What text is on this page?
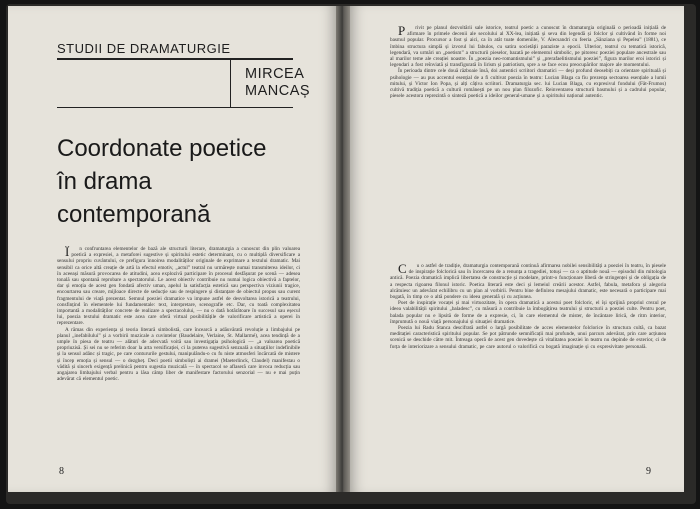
STUDII DE DRAMATURGIE
MIRCEA
MANCAȘ
Coordonate poetice
în drama
contemporană

Î n confruntarea elementelor de bază ale structurii literare, dramaturgia a cunoscut din plin valoarea poetică a expresiei, a metaforei sugestive și spiritului estetic determinant, cu o multiplă diversificare a sensului propriu cuvântului, ce prefigura înnoirea modalităților originale de exprimare a textului dramatic. Mai sensibil ca orice altă creație de artă la efectul emotiv, „actul” teatral nu urmărește numai transmiterea ideilor, ci în aceeași măsură provocarea de atitudini, acea explozivă participare în procesul desfășurat pe scenă — adesea tonală sau spontană reprobare a spectatorului. Le acest obiectiv contribuie nu numai logica obiectivă a faptelor, dar și emoția de acest gen fondată afectiv uman, apelul la satisfacția estetică sau perspectiva viziunii tragice, encourtarea sau creare, mijloace directe de seducție sau de respingere și distanțare de obiectul propus sau curent fragmentului de viață prezentat. Semnul poeziei dramatice va impune astfel de desvoltarea istorică a teatrului, consfințind în elementele lui fundamentale: text, interpretare, scenografie etc. Dar, cu toată complexitatea importantă a modalităților concrete de realizare a spectacolului, — nu o dată hotărâtoare în succesul sau eșecul lui, poezia textului dramatic este acea care oferă virtual posibilitățile de valorificare artistică a operei în reprezentare.

A rămas din experiența și teoria literară simbolistă, care încearcă a adăuvărată revoluție a limbajului pe planul „inefabilului” și a vorbirii muzicale a cuvintelor (Baudelaire, Verlaine, St. Mallarmé), acea tendință de a umple în piesa de teatru — alături de adecvată voită sau investigația psihologică — „a valoarea poetică propriuzisă. Și sei nu se referim doar la arta versificației, ci la puterea sugestivă senzuală a situațiilor indefinibile și la sensul adânc și tragic, pe care contururile gestului, manipulându-o cu fu niste atmosferi încărcată de mistere și încep emoția și sensul — o dezgheț. Deci poetii simboliști ai dramei (Maeterlinck, Claudel) manifestau o vădită și sincerh exigență prelinică pentru sugestia muzicală — în spectacol se aflaseră care invoca reducția sau angajarea limbajului verbal pentru a lăsa câmp liber de manifestare factorului senzorial — nu e mai puțin adevărat că elementul poetic.

P rivit pe planul dezvoltării sale istorice, teatrul poetic a cunoscut în dramaturgia originală o perioadă inițială de afirmare în primele decenii ale secolului al XX-lea, inițiată și seva din legendă și folclor și cultivând în forme noi basmul popular. Procursor a fost și aici, ca în atât toate domeniile, V. Alecsandri cu feeria „Sânziana și Pepelea” (1881), ce îmbina structura simplă și izvorul lui fabulos, cu satira societății paraziste a epocii. Ulterior, teatrul cu tematică istorică, legendară, va urmări un „poetism” a structurii pieselor, bazată pe elementul simbolic, pe pitoresc poeziei populare ancestrale sau al marilor teme ale creației noastre. În „poezia neo-romantismului” și „prerafaelitismului poeziei”, figura marilor eroi istorici și legendari a fost reînviată și transfigurată în lirism și patriotism, spre a se face ecou preocupărilor majore ale momentului.

În perioada dintre cele două războaie însă, doi autentici scriitori dramatici — deși profund deosebiți ca orientare spirituală și psihologie — au pus accentul esențial de a fi cultivat poezia în teatru: Lucian Blaga ca fiu prezența sectoarea esențiale a lumii mitului, și Victor Ion Popa, și alți câțiva scriitori. Dramaturgia sec. lui Lucian Blaga, cu expresivul fondului (Fât-Frumos) cultivă tradiția poetică a culturii românești pe un nou plan filozofic. Reinventarea structurii basmului și a cadrului popular, piesele acestora reprezintă o sinteză poetică a ideilor general-umane și a spiritului național autentic.

C u o astfel de tradiție, dramaturgia contemporană continuă afirmarea nobilei sensibilități a poeziei în teatru, în piesele de inspirație folclorică sau în încercarea de a renunța a tragediei, totuși — ca o aptitude nouă — episodul din mitologia antică. Poezia dramatică implică libertatea de construcție și modelare, printr-o funcționare liberă de stringenței și de obligația de a respecta rigoarea filonul istoric. Poetica literară este deci și lemeiul creării acestor. Astfel, fabula, metafora și alegoria alcătuiesc un adevărat echilibru cu un plan al vorbirii. Pentru bine definirea mesajului dramatic, este necesară o participare mai bogată, în timp ce o altă pondere cu ideea generală și cu acțiunea.

Poet de inspirație vocaței și mai virtuozitate, în opera dramatică a acestui poet folcloric, el își sprijină propriul crezul pe ideea valabilității spiritului „baladesc”, cu măsură a contribuie la îmbogățirea teatrului și structurii a poeziei culte. Pentru poet, balada popular nu e lipsită de forme de a expresie, ci, în care elementul de mister, de încântare lirică, de ritm interior, împrumută o nouă viață personajului și situației dramatice.

Poezia lui Radu Stanca descifrată astfel o largă posibilitate de acces elementelor folclorice în structura cultă, ca bazat meditației caracteristică spiritului popular. Se pot pătrunde semnificații mai profunde, unui parcurs adevărat, prin care acțiunea scenică se deschide către mit. Întreaga operă de acest gen dovedește că vitalitatea poeziei în teatru nu depinde de exterior, ci de forța de interiorizare a sensului dramatic, pe care autorul o valorifică cu bogată imaginație și cu expresivitate personală.

8	9
